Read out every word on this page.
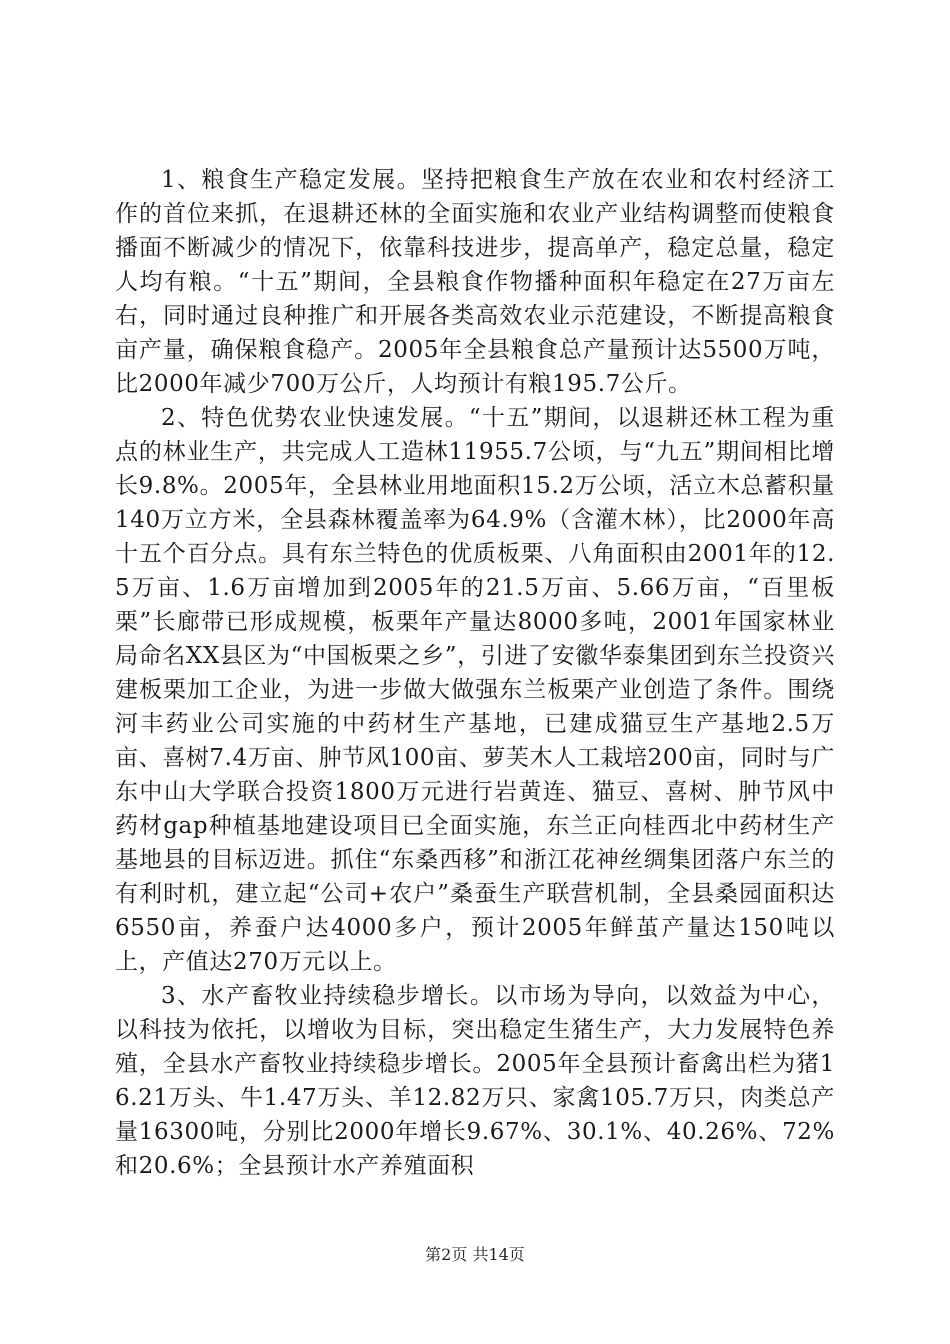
1、粮食生产稳定发展。坚持把粮食生产放在农业和农村经济工作的首位来抓，在退耕还林的全面实施和农业产业结构调整而使粮食播面不断减少的情况下，依靠科技进步，提高单产，稳定总量，稳定人均有粮。“十五”期间，全县粮食作物播种面积年稳定在27万亩左右，同时通过良种推广和开展各类高效农业示范建设，不断提高粮食亩产量，确保粮食稳产。2005年全县粮食总产量预计达5500万吨，比2000年减少700万公斤，人均预计有粮195.7公斤。

2、特色优势农业快速发展。“十五”期间，以退耕还林工程为重点的林业生产，共完成人工造林11955.7公顷，与“九五”期间相比增长9.8%。2005年，全县林业用地面积15.2万公顷，活立木总蓄积量140万立方米，全县森林覆盖率为64.9%（含灌木林），比2000年高十五个百分点。具有东兰特色的优质板栗、八角面积由2001年的12.5万亩、1.6万亩增加到2005年的21.5万亩、5.66万亩，“百里板栗”长廊带已形成规模，板栗年产量达8000多吨，2001年国家林业局命名XX县区为“中国板栗之乡”，引进了安徽华泰集团到东兰投资兴建板栗加工企业，为进一步做大做强东兰板栗产业创造了条件。围绕河丰药业公司实施的中药材生产基地，已建成猫豆生产基地2.5万亩、喜树7.4万亩、肿节风100亩、萝芙木人工栽培200亩，同时与广东中山大学联合投资1800万元进行岩黄连、猫豆、喜树、肿节风中药材gap种植基地建设项目已全面实施，东兰正向桂西北中药材生产基地县的目标迈进。抓住“东桑西移”和浙江花神丝绸集团落户东兰的有利时机，建立起“公司+农户”桑蚕生产联营机制，全县桑园面积达6550亩，养蚕户达4000多户，预计2005年鲜茧产量达150吨以上，产值达270万元以上。

3、水产畜牧业持续稳步增长。以市场为导向，以效益为中心，以科技为依托，以增收为目标，突出稳定生猪生产，大力发展特色养殖，全县水产畜牧业持续稳步增长。2005年全县预计畜禽出栏为猪16.21万头、牛1.47万头、羊12.82万只、家禽105.7万只，肉类总产量16300吨，分别比2000年增长9.67%、30.1%、40.26%、72%和20.6%；全县预计水产养殖面积

第2页 共14页
